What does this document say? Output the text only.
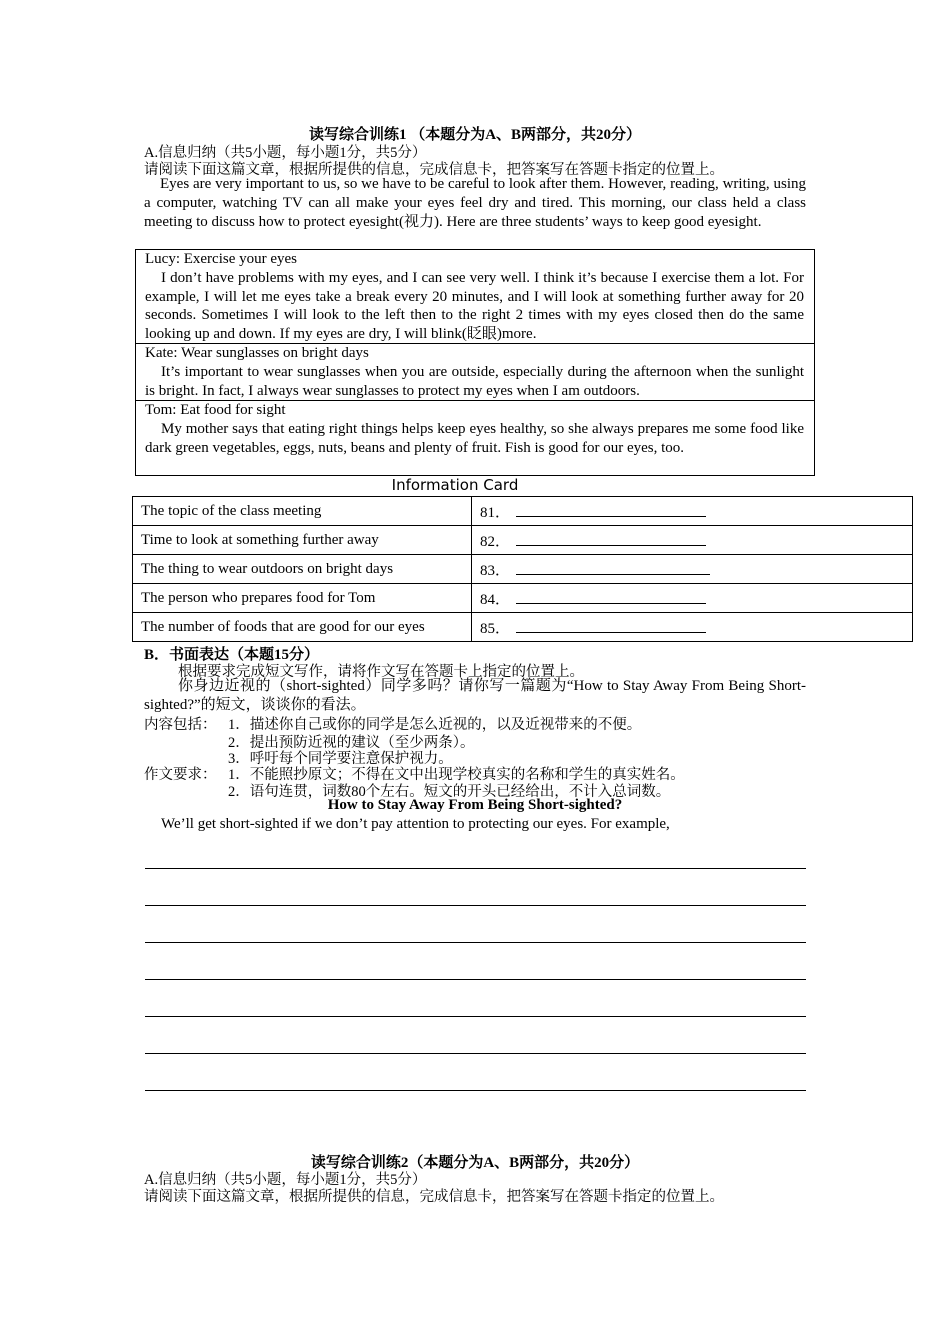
读写综合训练1 （本题分为A、B两部分，共20分）
A.信息归纳（共5小题，每小题1分，共5分）
请阅读下面这篇文章，根据所提供的信息，完成信息卡，把答案写在答题卡指定的位置上。
Eyes are very important to us, so we have to be careful to look after them. However, reading, writing, using a computer, watching TV can all make your eyes feel dry and tired. This morning, our class held a class meeting to discuss how to protect eyesight(视力). Here are three students’ ways to keep good eyesight.

Lucy: Exercise your eyes

I don’t have problems with my eyes, and I can see very well. I think it’s because I exercise them a lot. For example, I will let me eyes take a break every 20 minutes, and I will look at something further away for 20 seconds. Sometimes I will look to the left then to the right 2 times with my eyes closed then do the same looking up and down. If my eyes are dry, I will blink(眨眼)more.

Kate: Wear sunglasses on bright days

It’s important to wear sunglasses when you are outside, especially during the afternoon when the sunlight is bright. In fact, I always wear sunglasses to protect my eyes when I am outdoors.

Tom: Eat food for sight

My mother says that eating right things helps keep eyes healthy, so she always prepares me some food like dark green vegetables, eggs, nuts, beans and plenty of fruit. Fish is good for our eyes, too.

Information Card
The topic of the class meeting	81．
Time to look at something further away	82．
The thing to wear outdoors on bright days	83．
The person who prepares food for Tom	84．
The number of foods that are good for our eyes	85．
B．书面表达（本题15分）
根据要求完成短文写作，请将作文写在答题卡上指定的位置上。
你身边近视的（short-sighted）同学多吗？请你写一篇题为“How to Stay Away From Being Short-sighted?”的短文，谈谈你的看法。
内容包括： 1．描述你自己或你的同学是怎么近视的，以及近视带来的不便。
2．提出预防近视的建议（至少两条）。
3．呼吁每个同学要注意保护视力。
作文要求： 1．不能照抄原文；不得在文中出现学校真实的名称和学生的真实姓名。
2．语句连贯，词数80个左右。短文的开头已经给出，不计入总词数。
How to Stay Away From Being Short-sighted?
We’ll get short-sighted if we don’t pay attention to protecting our eyes. For example,
读写综合训练2（本题分为A、B两部分，共20分）
A.信息归纳（共5小题，每小题1分，共5分）
请阅读下面这篇文章，根据所提供的信息，完成信息卡，把答案写在答题卡指定的位置上。
